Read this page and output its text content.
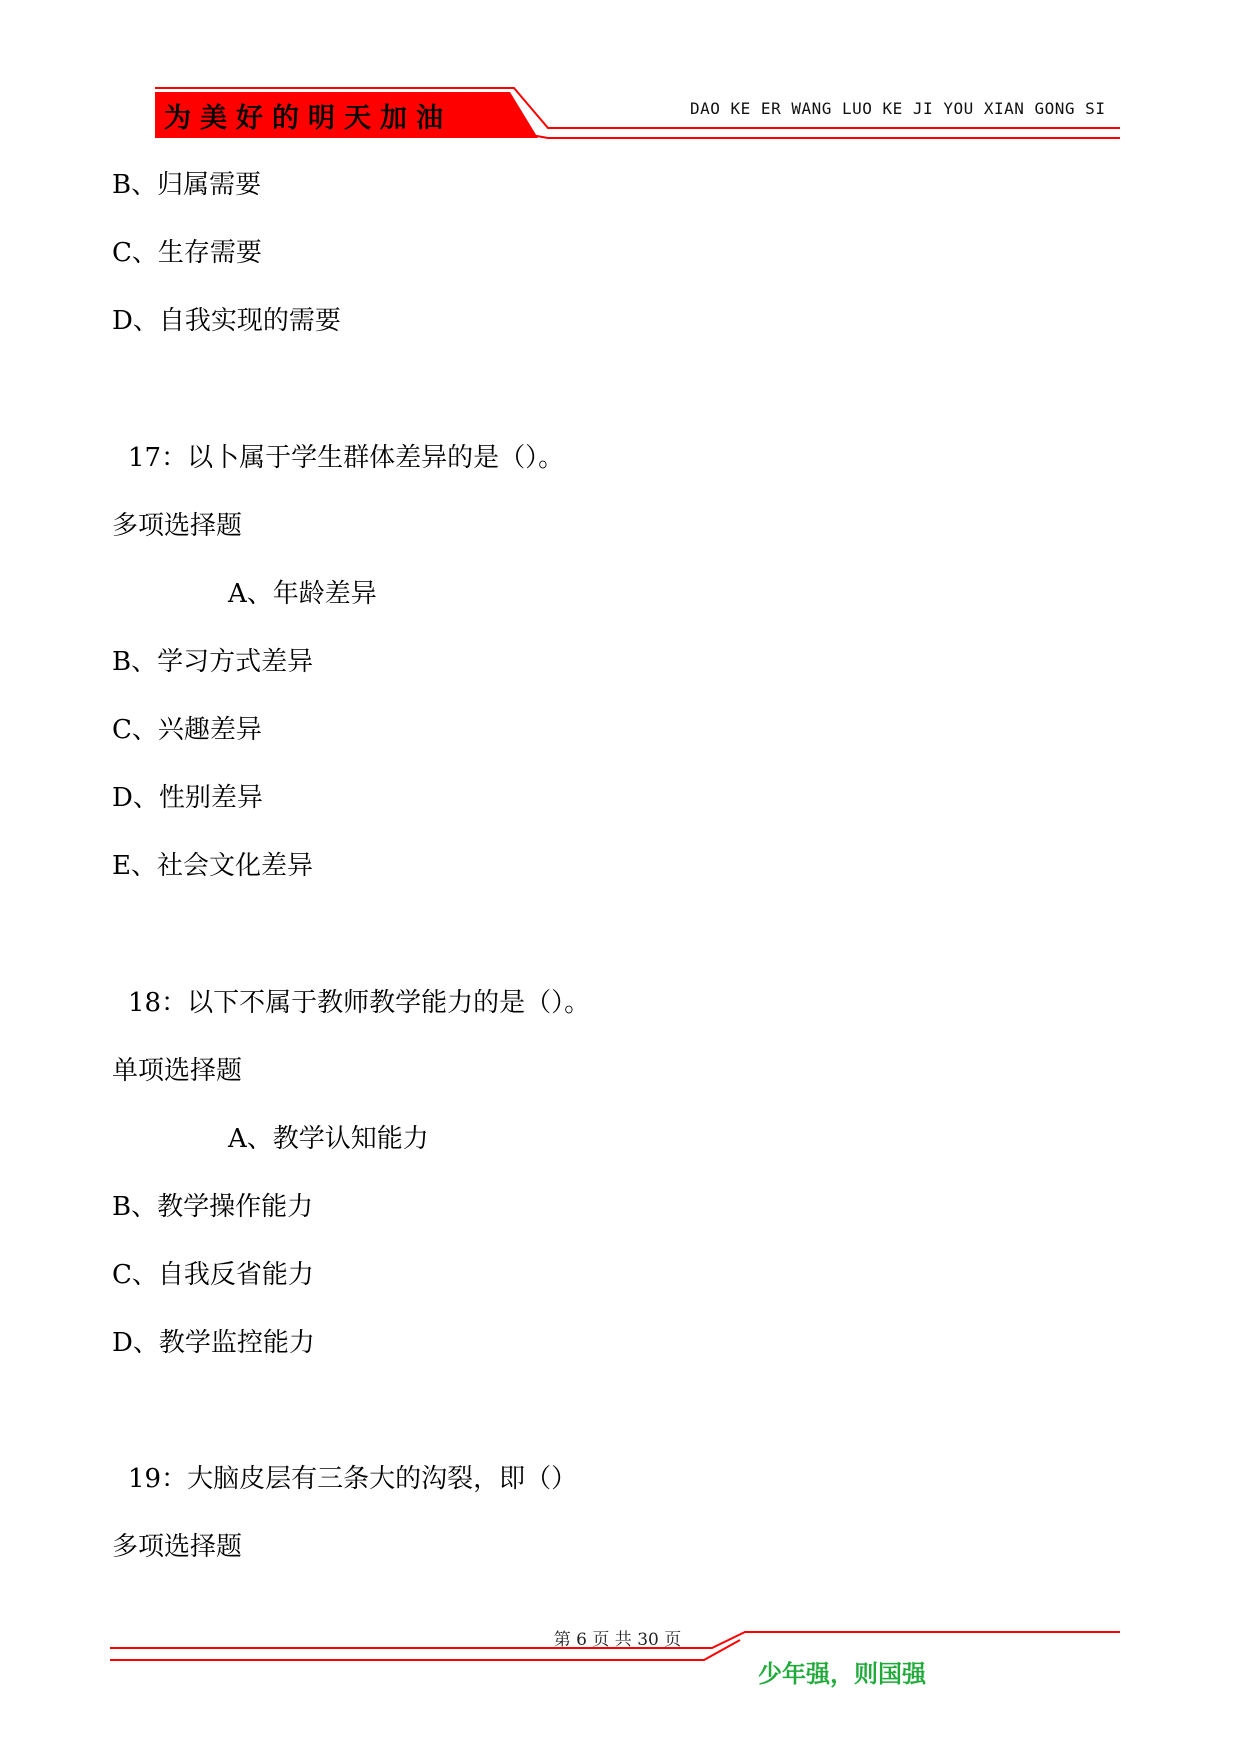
为美好的明天加油	DAO KE ER WANG LUO KE JI YOU XIAN GONG SI
B、归属需要
C、生存需要
D、自我实现的需要
17：以卜属于学生群体差异的是（）。
多项选择题
A、年龄差异
B、学习方式差异
C、兴趣差异
D、性别差异
E、社会文化差异
18：以下不属于教师教学能力的是（）。
单项选择题
A、教学认知能力
B、教学操作能力
C、自我反省能力
D、教学监控能力
19：大脑皮层有三条大的沟裂，即（）
多项选择题
第 6 页 共 30 页
少年强，则国强
